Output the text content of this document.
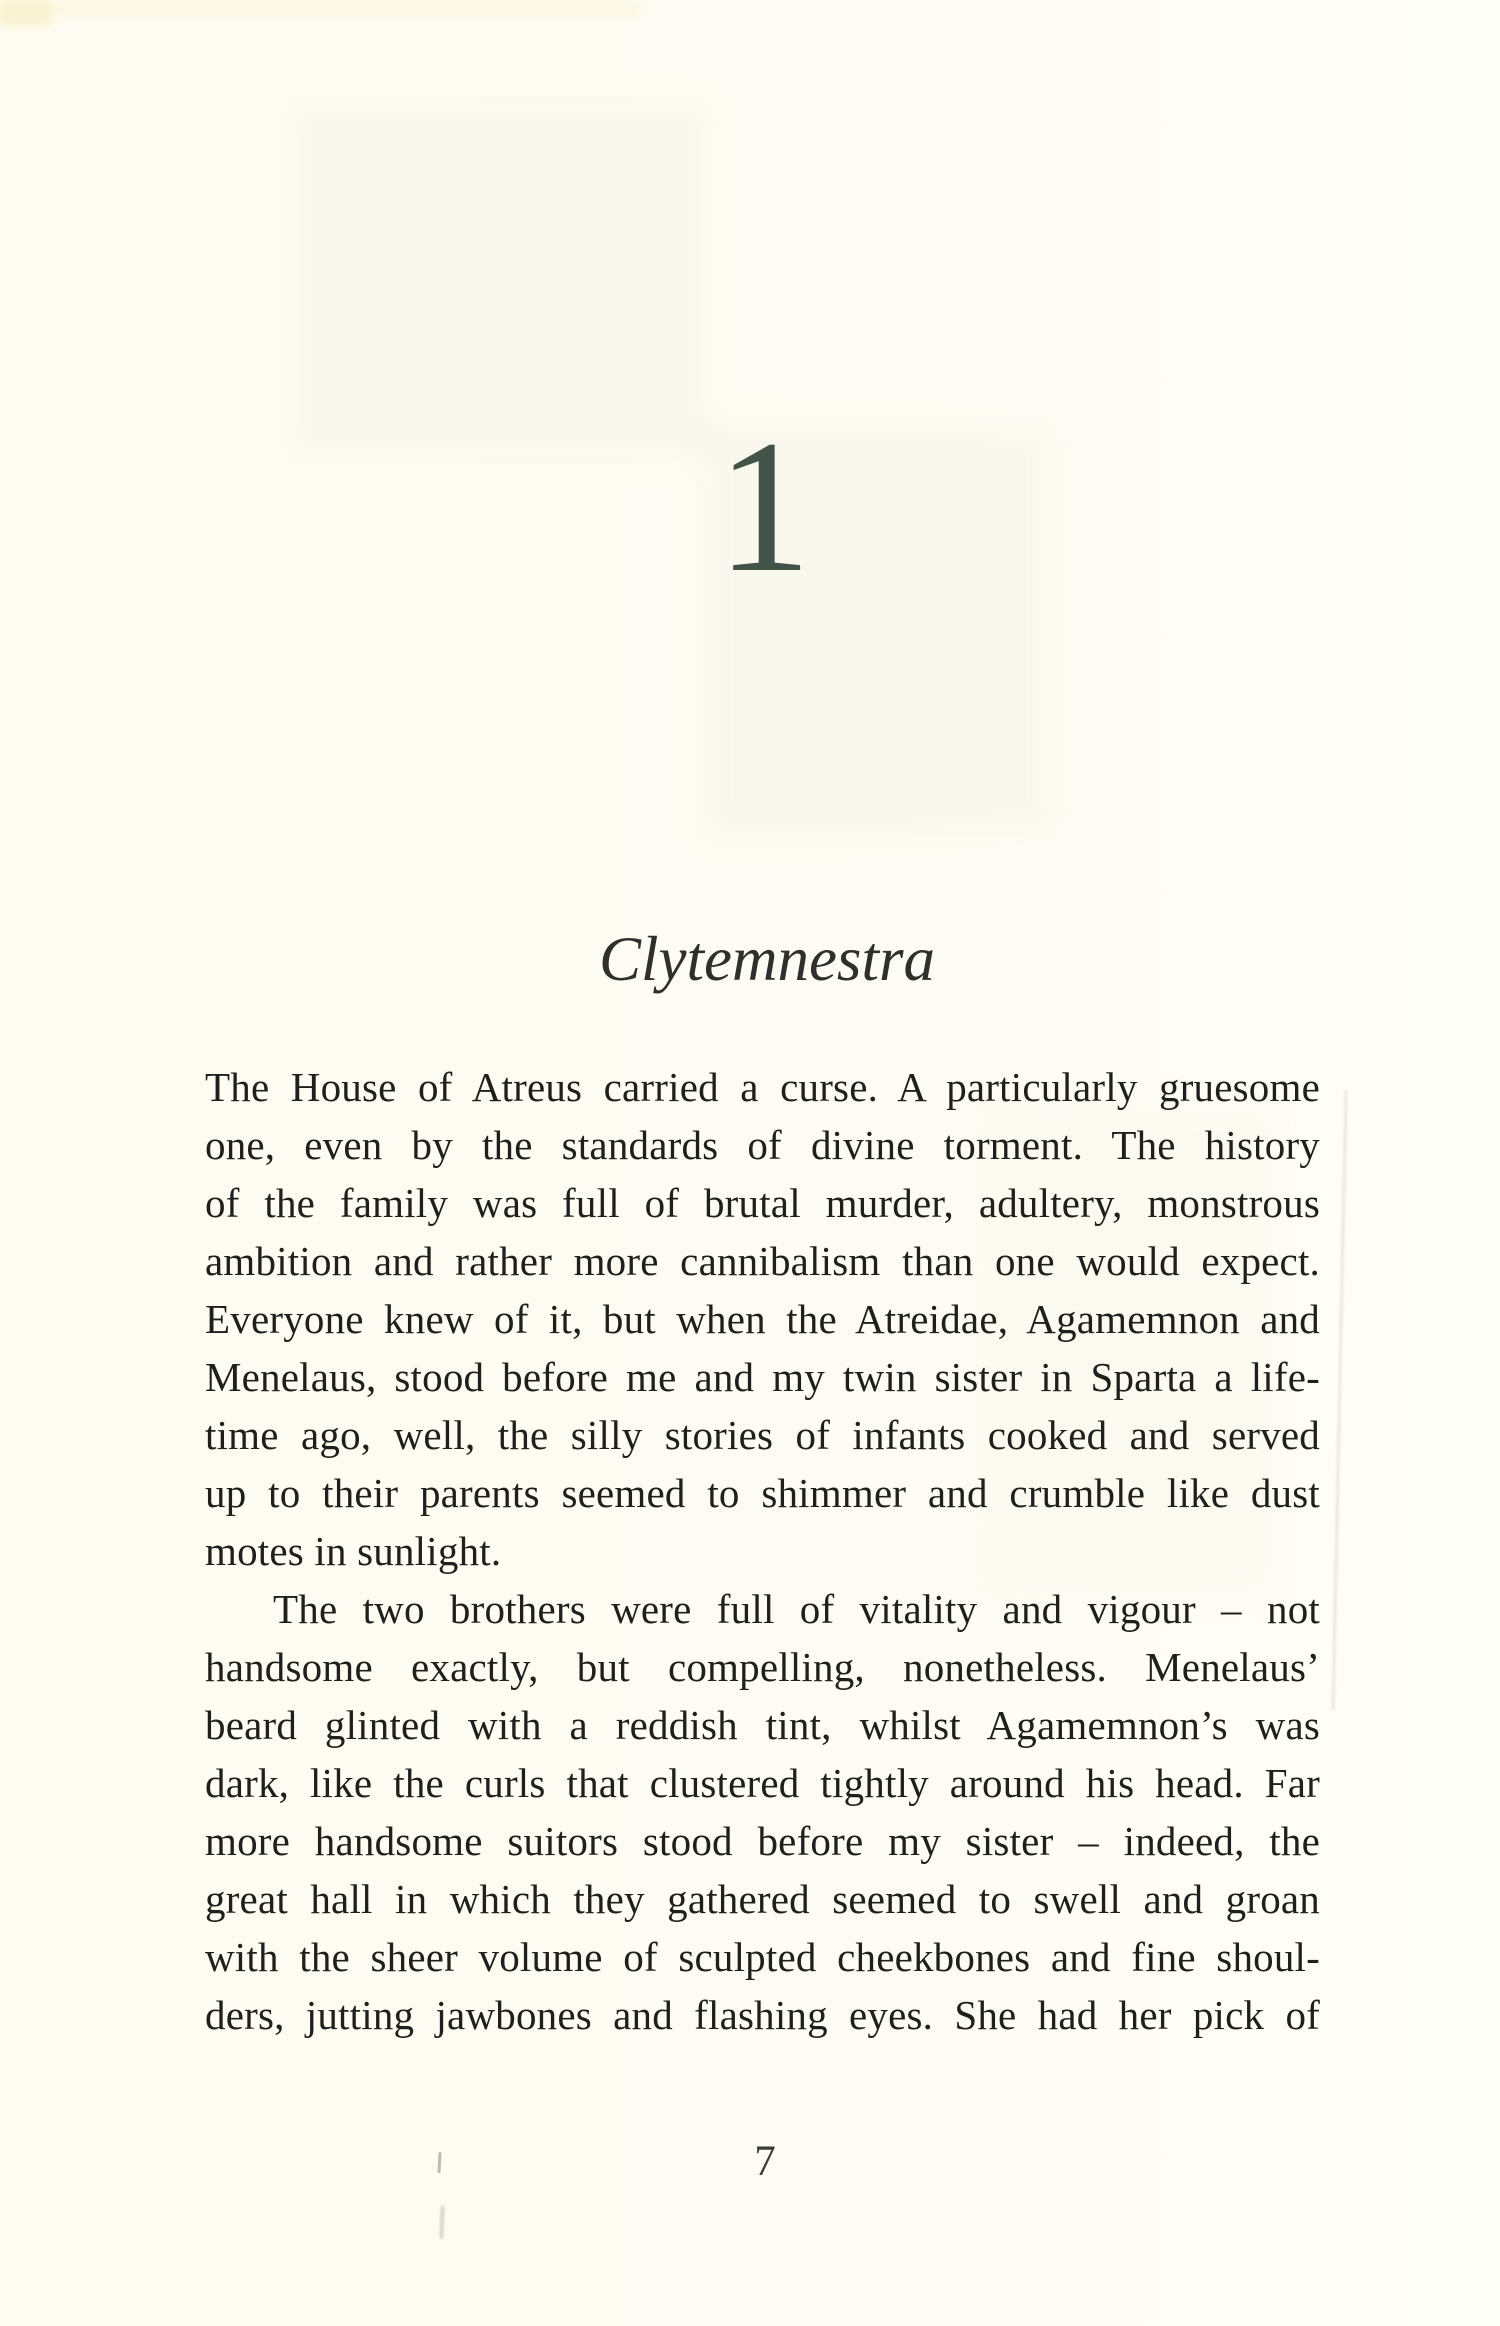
1
Clytemnestra
The House of Atreus carried a curse. A particularly gruesome
one, even by the standards of divine torment. The history
of the family was full of brutal murder, adultery, monstrous
ambition and rather more cannibalism than one would expect.
Everyone knew of it, but when the Atreidae, Agamemnon and
Menelaus, stood before me and my twin sister in Sparta a life-
time ago, well, the silly stories of infants cooked and served
up to their parents seemed to shimmer and crumble like dust
motes in sunlight.
The two brothers were full of vitality and vigour – not
handsome exactly, but compelling, nonetheless. Menelaus’
beard glinted with a reddish tint, whilst Agamemnon’s was
dark, like the curls that clustered tightly around his head. Far
more handsome suitors stood before my sister – indeed, the
great hall in which they gathered seemed to swell and groan
with the sheer volume of sculpted cheekbones and fine shoul-
ders, jutting jawbones and flashing eyes. She had her pick of
7
